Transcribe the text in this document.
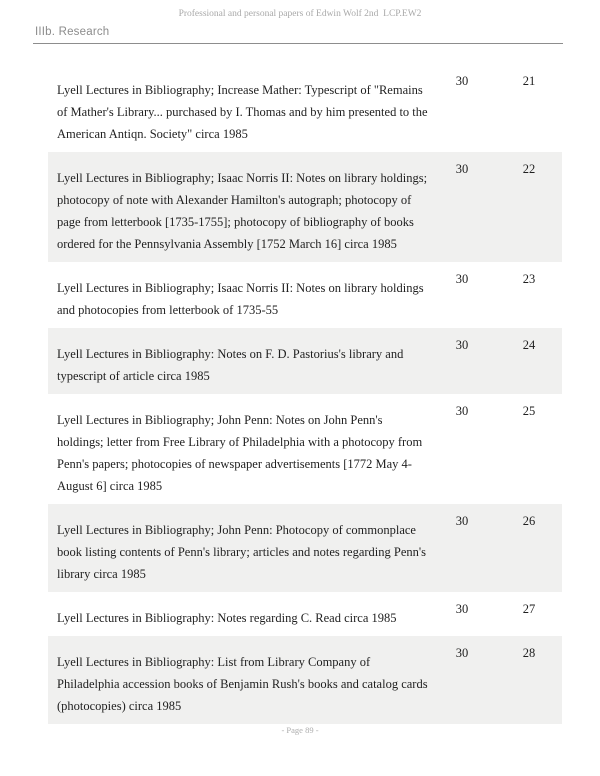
Professional and personal papers of Edwin Wolf 2nd  LCP.EW2
IIIb. Research
Lyell Lectures in Bibliography; Increase Mather: Typescript of "Remains of Mather's Library... purchased by I. Thomas and by him presented to the American Antiqn. Society" circa 1985
30	21
Lyell Lectures in Bibliography; Isaac Norris II: Notes on library holdings; photocopy of note with Alexander Hamilton's autograph; photocopy of page from letterbook [1735-1755]; photocopy of bibliography of books ordered for the Pennsylvania Assembly [1752 March 16] circa 1985
30	22
Lyell Lectures in Bibliography; Isaac Norris II: Notes on library holdings and photocopies from letterbook of 1735-55
30	23
Lyell Lectures in Bibliography: Notes on F. D. Pastorius's library and typescript of article circa 1985
30	24
Lyell Lectures in Bibliography; John Penn: Notes on John Penn's holdings; letter from Free Library of Philadelphia with a photocopy from Penn's papers; photocopies of newspaper advertisements [1772 May 4-August 6] circa 1985
30	25
Lyell Lectures in Bibliography; John Penn: Photocopy of commonplace book listing contents of Penn's library; articles and notes regarding Penn's library circa 1985
30	26
Lyell Lectures in Bibliography: Notes regarding C. Read circa 1985
30	27
Lyell Lectures in Bibliography: List from Library Company of Philadelphia accession books of Benjamin Rush's books and catalog cards (photocopies) circa 1985
30	28
- Page 89 -
